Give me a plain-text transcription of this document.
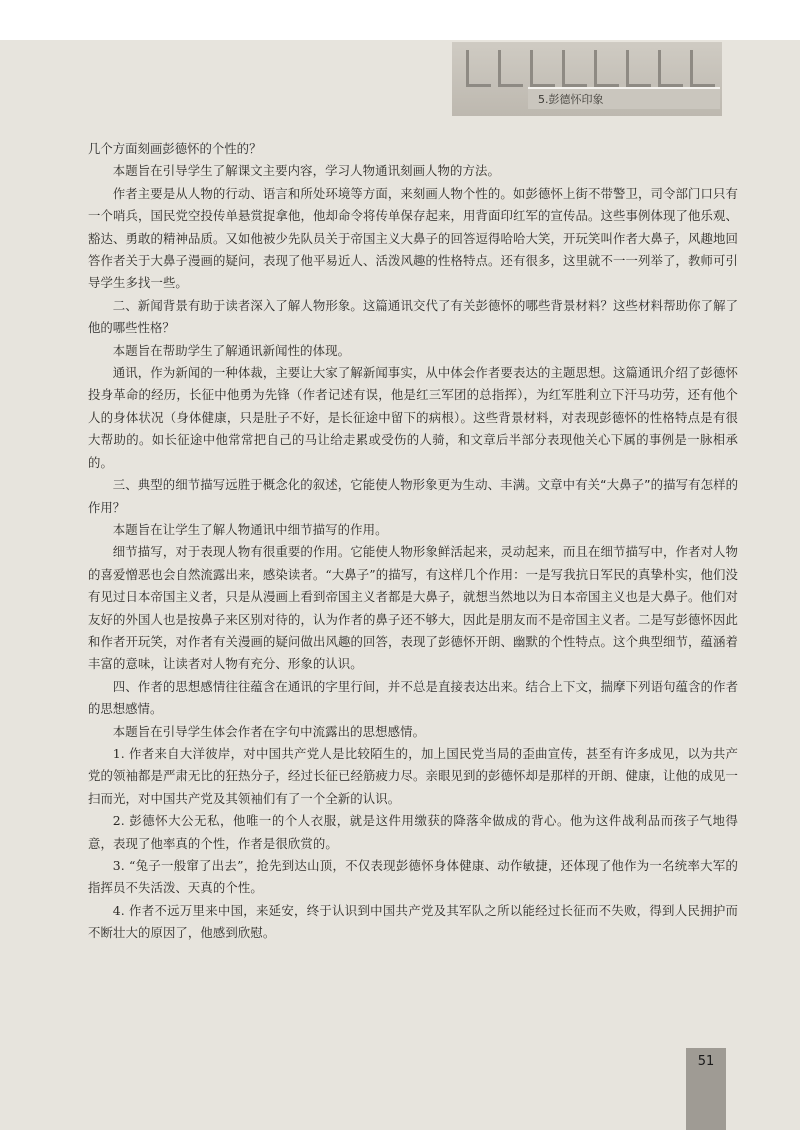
5.彭德怀印象

几个方面刻画彭德怀的个性的？

本题旨在引导学生了解课文主要内容，学习人物通讯刻画人物的方法。

作者主要是从人物的行动、语言和所处环境等方面，来刻画人物个性的。如彭德怀上街不带警卫，司令部门口只有一个哨兵，国民党空投传单悬赏捉拿他，他却命令将传单保存起来，用背面印红军的宣传品。这些事例体现了他乐观、豁达、勇敢的精神品质。又如他被少先队员关于帝国主义大鼻子的回答逗得哈哈大笑，开玩笑叫作者大鼻子，风趣地回答作者关于大鼻子漫画的疑问，表现了他平易近人、活泼风趣的性格特点。还有很多，这里就不一一列举了，教师可引导学生多找一些。

二、新闻背景有助于读者深入了解人物形象。这篇通讯交代了有关彭德怀的哪些背景材料？这些材料帮助你了解了他的哪些性格？

本题旨在帮助学生了解通讯新闻性的体现。

通讯，作为新闻的一种体裁，主要让大家了解新闻事实，从中体会作者要表达的主题思想。这篇通讯介绍了彭德怀投身革命的经历，长征中他勇为先锋（作者记述有误，他是红三军团的总指挥），为红军胜利立下汗马功劳，还有他个人的身体状况（身体健康，只是肚子不好，是长征途中留下的病根）。这些背景材料，对表现彭德怀的性格特点是有很大帮助的。如长征途中他常常把自己的马让给走累或受伤的人骑，和文章后半部分表现他关心下属的事例是一脉相承的。

三、典型的细节描写远胜于概念化的叙述，它能使人物形象更为生动、丰满。文章中有关“大鼻子”的描写有怎样的作用？

本题旨在让学生了解人物通讯中细节描写的作用。

细节描写，对于表现人物有很重要的作用。它能使人物形象鲜活起来，灵动起来，而且在细节描写中，作者对人物的喜爱憎恶也会自然流露出来，感染读者。“大鼻子”的描写，有这样几个作用：一是写我抗日军民的真挚朴实，他们没有见过日本帝国主义者，只是从漫画上看到帝国主义者都是大鼻子，就想当然地以为日本帝国主义也是大鼻子。他们对友好的外国人也是按鼻子来区别对待的，认为作者的鼻子还不够大，因此是朋友而不是帝国主义者。二是写彭德怀因此和作者开玩笑，对作者有关漫画的疑问做出风趣的回答，表现了彭德怀开朗、幽默的个性特点。这个典型细节，蕴涵着丰富的意味，让读者对人物有充分、形象的认识。

四、作者的思想感情往往蕴含在通讯的字里行间，并不总是直接表达出来。结合上下文，揣摩下列语句蕴含的作者的思想感情。

本题旨在引导学生体会作者在字句中流露出的思想感情。

1. 作者来自大洋彼岸，对中国共产党人是比较陌生的，加上国民党当局的歪曲宣传，甚至有许多成见，以为共产党的领袖都是严肃无比的狂热分子，经过长征已经筋疲力尽。亲眼见到的彭德怀却是那样的开朗、健康，让他的成见一扫而光，对中国共产党及其领袖们有了一个全新的认识。

2. 彭德怀大公无私，他唯一的个人衣服，就是这件用缴获的降落伞做成的背心。他为这件战利品而孩子气地得意，表现了他率真的个性，作者是很欣赏的。

3. “兔子一般窜了出去”，抢先到达山顶，不仅表现彭德怀身体健康、动作敏捷，还体现了他作为一名统率大军的指挥员不失活泼、天真的个性。

4. 作者不远万里来中国，来延安，终于认识到中国共产党及其军队之所以能经过长征而不失败，得到人民拥护而不断壮大的原因了，他感到欣慰。

51
